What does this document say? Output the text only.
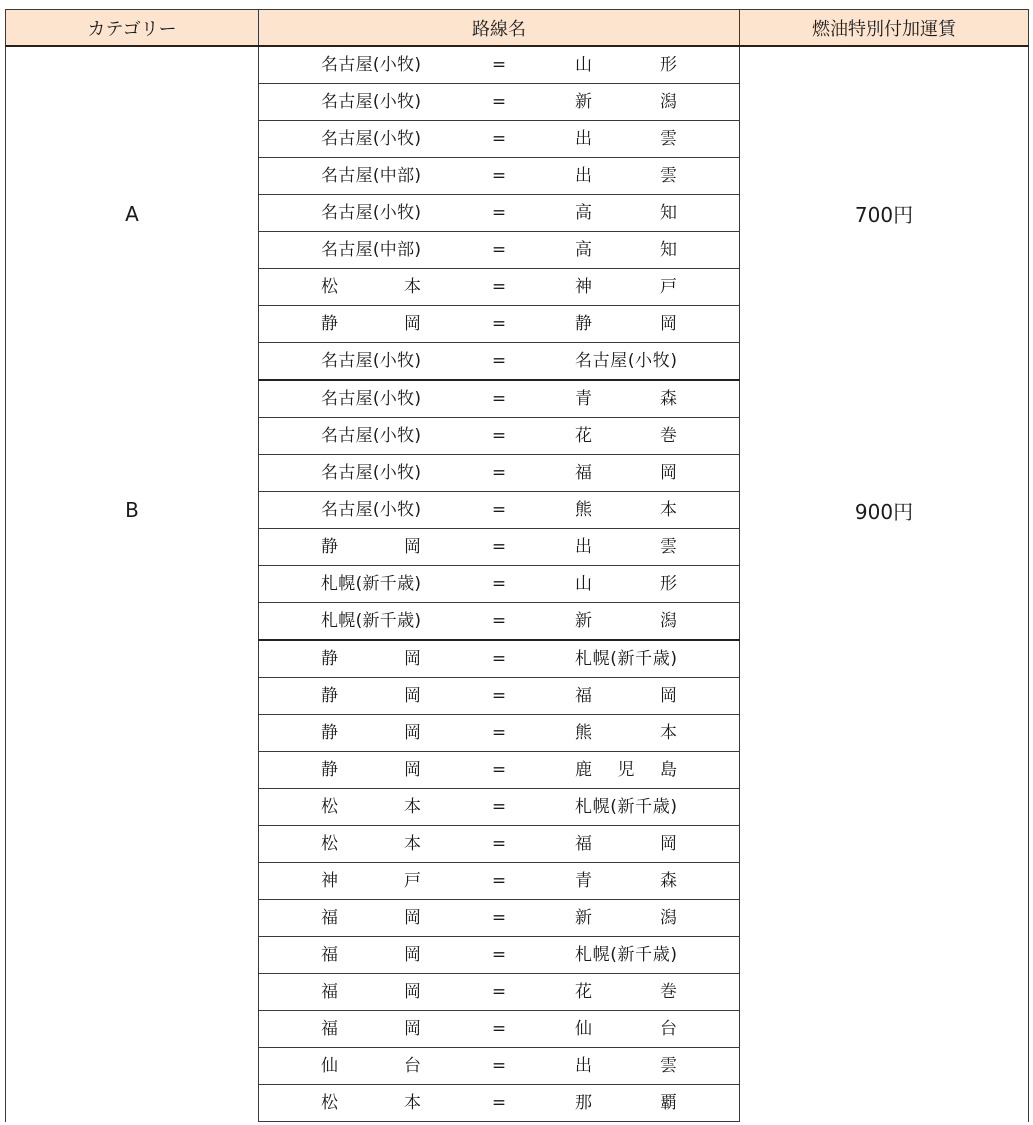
カテゴリー	路線名	燃油特別付加運賃
A	名古屋(小牧) = 山 形	700円

	名古屋(小牧) = 新 潟	

	名古屋(小牧) = 出 雲	

	名古屋(中部) = 出 雲	

	名古屋(小牧) = 高 知	

	名古屋(中部) = 高 知	

	松 本 = 神 戸	

	静 岡 = 静 岡	

	名古屋(小牧) = 名古屋(小牧)	

B	名古屋(小牧) = 青 森	900円

	名古屋(小牧) = 花 巻	

	名古屋(小牧) = 福 岡	

	名古屋(小牧) = 熊 本	

	静 岡 = 出 雲	

	札幌(新千歳) = 山 形	

	札幌(新千歳) = 新 潟	

	静 岡 = 札幌(新千歳)	

	静 岡 = 福 岡	

	静 岡 = 熊 本	

	静 岡 = 鹿 児 島	

	松 本 = 札幌(新千歳)	

	松 本 = 福 岡	

	神 戸 = 青 森	

	福 岡 = 新 潟	

	福 岡 = 札幌(新千歳)	

	福 岡 = 花 巻	

	福 岡 = 仙 台	

	仙 台 = 出 雲	

	松 本 = 那 覇	
